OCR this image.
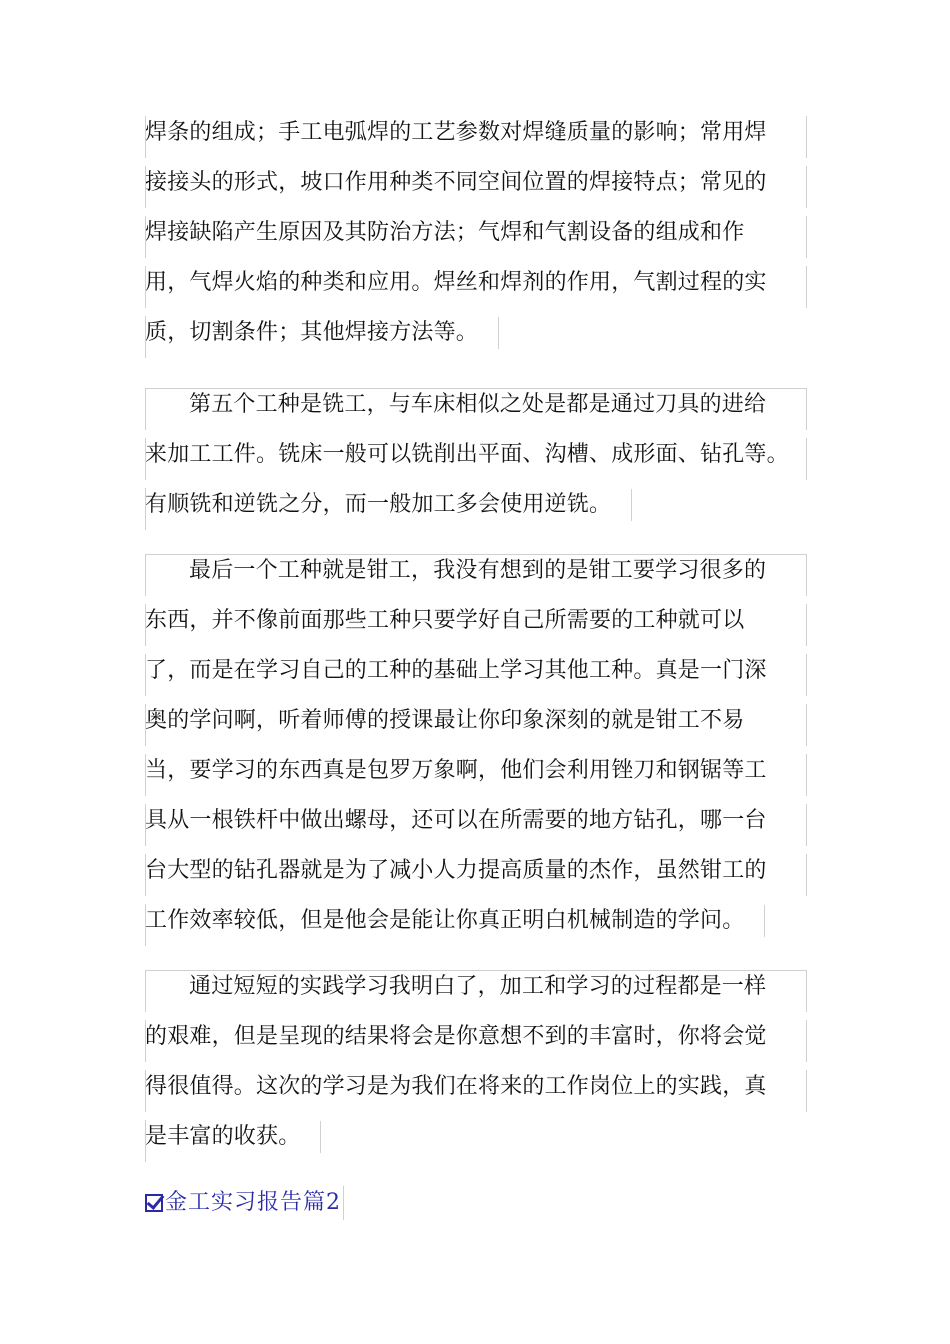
焊条的组成；手工电弧焊的工艺参数对焊缝质量的影响；常用焊
接接头的形式，坡口作用种类不同空间位置的焊接特点；常见的
焊接缺陷产生原因及其防治方法；气焊和气割设备的组成和作
用，气焊火焰的种类和应用。焊丝和焊剂的作用，气割过程的实
质，切割条件；其他焊接方法等。
第五个工种是铣工，与车床相似之处是都是通过刀具的进给
来加工工件。铣床一般可以铣削出平面、沟槽、成形面、钻孔等。
有顺铣和逆铣之分，而一般加工多会使用逆铣。
最后一个工种就是钳工，我没有想到的是钳工要学习很多的
东西，并不像前面那些工种只要学好自己所需要的工种就可以
了，而是在学习自己的工种的基础上学习其他工种。真是一门深
奥的学问啊，听着师傅的授课最让你印象深刻的就是钳工不易
当，要学习的东西真是包罗万象啊，他们会利用锉刀和钢锯等工
具从一根铁杆中做出螺母，还可以在所需要的地方钻孔，哪一台
台大型的钻孔器就是为了减小人力提高质量的杰作，虽然钳工的
工作效率较低，但是他会是能让你真正明白机械制造的学问。
通过短短的实践学习我明白了，加工和学习的过程都是一样
的艰难，但是呈现的结果将会是你意想不到的丰富时，你将会觉
得很值得。这次的学习是为我们在将来的工作岗位上的实践，真
是丰富的收获。
金工实习报告篇2
